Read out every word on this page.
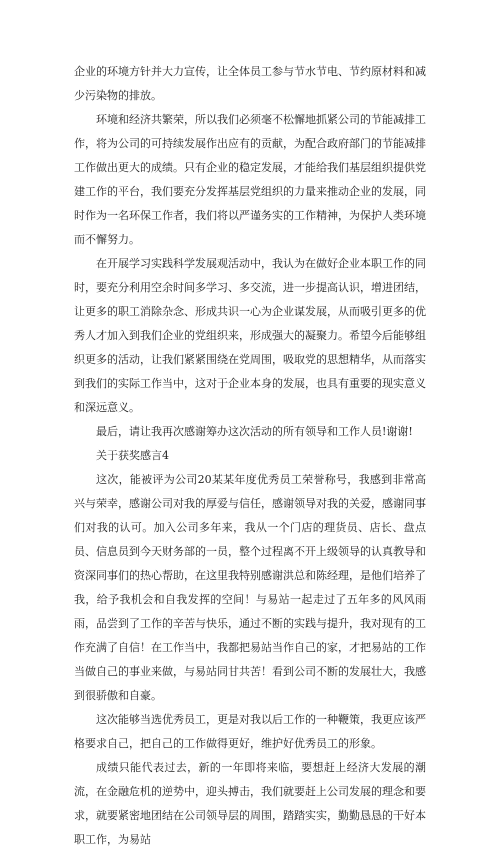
企业的环境方针并大力宣传，让全体员工参与节水节电、节约原材料和减少污染物的排放。

环境和经济共繁荣，所以我们必须毫不松懈地抓紧公司的节能减排工作，将为公司的可持续发展作出应有的贡献，为配合政府部门的节能减排工作做出更大的成绩。只有企业的稳定发展，才能给我们基层组织提供党建工作的平台，我们要充分发挥基层党组织的力量来推动企业的发展，同时作为一名环保工作者，我们将以严谨务实的工作精神，为保护人类环境而不懈努力。

在开展学习实践科学发展观活动中，我认为在做好企业本职工作的同时，要充分利用空余时间多学习、多交流，进一步提高认识，增进团结，让更多的职工消除杂念、形成共识一心为企业谋发展，从而吸引更多的优秀人才加入到我们企业的党组织来，形成强大的凝聚力。希望今后能够组织更多的活动，让我们紧紧围绕在党周围，吸取党的思想精华，从而落实到我们的实际工作当中，这对于企业本身的发展，也具有重要的现实意义和深远意义。

最后，请让我再次感谢筹办这次活动的所有领导和工作人员!谢谢!

关于获奖感言4

这次，能被评为公司20某某年度优秀员工荣誉称号，我感到非常高兴与荣幸，感谢公司对我的厚爱与信任，感谢领导对我的关爱，感谢同事们对我的认可。加入公司多年来，我从一个门店的理货员、店长、盘点员、信息员到今天财务部的一员，整个过程离不开上级领导的认真教导和资深同事们的热心帮助，在这里我特别感谢洪总和陈经理，是他们培养了我，给予我机会和自我发挥的空间！与易站一起走过了五年多的风风雨雨，品尝到了工作的辛苦与快乐，通过不断的实践与提升，我对现有的工作充满了自信！在工作当中，我都把易站当作自己的家，才把易站的工作当做自己的事业来做，与易站同甘共苦！看到公司不断的发展壮大，我感到很骄傲和自豪。

这次能够当选优秀员工，更是对我以后工作的一种鞭策，我更应该严格要求自己，把自己的工作做得更好，维护好优秀员工的形象。

成绩只能代表过去，新的一年即将来临，要想赶上经济大发展的潮流，在金融危机的逆势中，迎头搏击，我们就要赶上公司发展的理念和要求，就要紧密地团结在公司领导层的周围，踏踏实实，勤勤恳恳的干好本职工作，为易站
